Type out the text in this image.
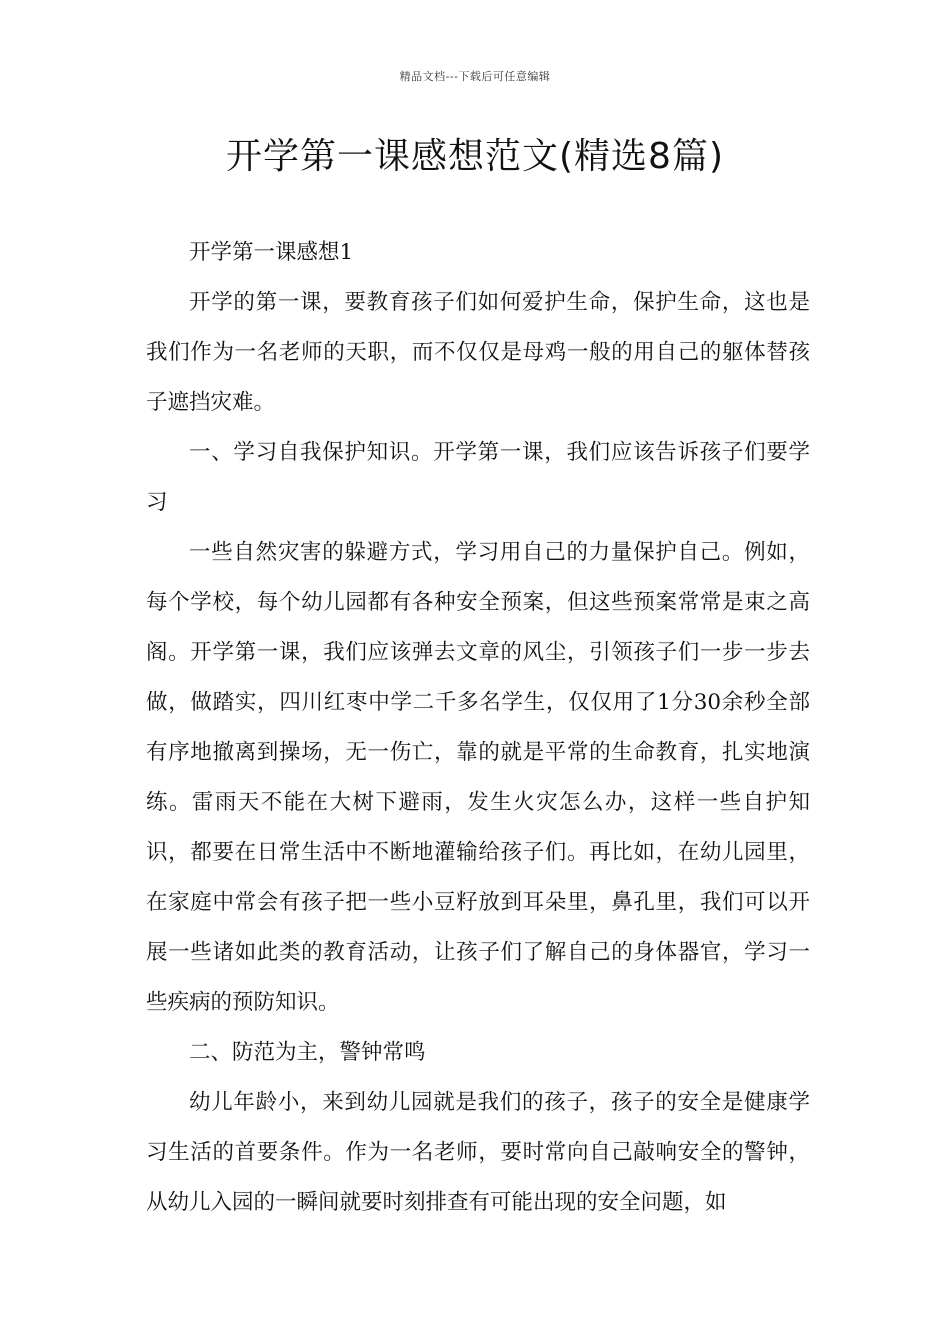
精品文档---下载后可任意编辑
开学第一课感想范文(精选8篇)

开学第一课感想1

开学的第一课，要教育孩子们如何爱护生命，保护生命，这也是我们作为一名老师的天职，而不仅仅是母鸡一般的用自己的躯体替孩子遮挡灾难。

一、学习自我保护知识。开学第一课，我们应该告诉孩子们要学习

一些自然灾害的躲避方式，学习用自己的力量保护自己。例如，每个学校，每个幼儿园都有各种安全预案，但这些预案常常是束之高阁。开学第一课，我们应该弹去文章的风尘，引领孩子们一步一步去做，做踏实，四川红枣中学二千多名学生，仅仅用了1分30余秒全部有序地撤离到操场，无一伤亡，靠的就是平常的生命教育，扎实地演练。雷雨天不能在大树下避雨，发生火灾怎么办，这样一些自护知识，都要在日常生活中不断地灌输给孩子们。再比如，在幼儿园里，在家庭中常会有孩子把一些小豆籽放到耳朵里，鼻孔里，我们可以开展一些诸如此类的教育活动，让孩子们了解自己的身体器官，学习一些疾病的预防知识。

二、防范为主，警钟常鸣

幼儿年龄小，来到幼儿园就是我们的孩子，孩子的安全是健康学习生活的首要条件。作为一名老师，要时常向自己敲响安全的警钟，从幼儿入园的一瞬间就要时刻排查有可能出现的安全问题，如
